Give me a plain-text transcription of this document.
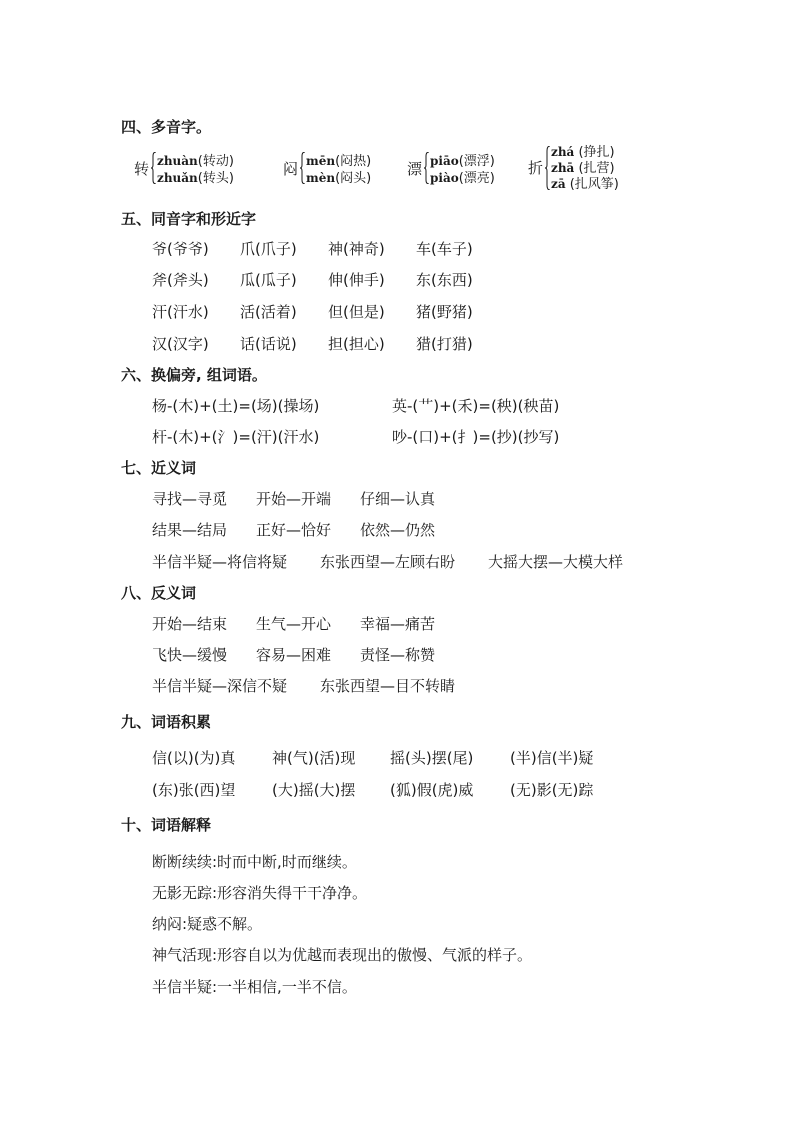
四、多音字。
转 zhuàn(转动)
zhuǎn(转头)
闷 mēn(闷热)
mèn(闷头)
漂 piāo(漂浮)
piào(漂亮)
折
zhá (挣扎)
zhā (扎营)
zā (扎风筝)
五、同音字和形近字
爷(爷爷) 爪(爪子) 神(神奇) 车(车子)
斧(斧头) 瓜(瓜子) 伸(伸手) 东(东西)
汗(汗水) 活(活着) 但(但是) 猪(野猪)
汉(汉字) 话(话说) 担(担心) 猎(打猎)
六、换偏旁, 组词语。
杨-(木)+(土)=(场)(操场)	英-(艹)+(禾)=(秧)(秧苗)
杆-(木)+(氵)=(汗)(汗水)	吵-(口)+(扌)=(抄)(抄写)
七、近义词
寻找—寻觅 开始—开端 仔细—认真
结果—结局 正好—恰好 依然—仍然
半信半疑—将信将疑 东张西望—左顾右盼 大摇大摆—大模大样
八、反义词
开始—结束 生气—开心 幸福—痛苦
飞快—缓慢 容易—困难 责怪—称赞
半信半疑—深信不疑 东张西望—目不转睛
九、词语积累
信(以)(为)真 神(气)(活)现 摇(头)摆(尾) (半)信(半)疑
(东)张(西)望 (大)摇(大)摆 (狐)假(虎)威 (无)影(无)踪
十、词语解释
断断续续:时而中断,时而继续。
无影无踪:形容消失得干干净净。
纳闷:疑惑不解。
神气活现:形容自以为优越而表现出的傲慢、气派的样子。
半信半疑:一半相信,一半不信。
